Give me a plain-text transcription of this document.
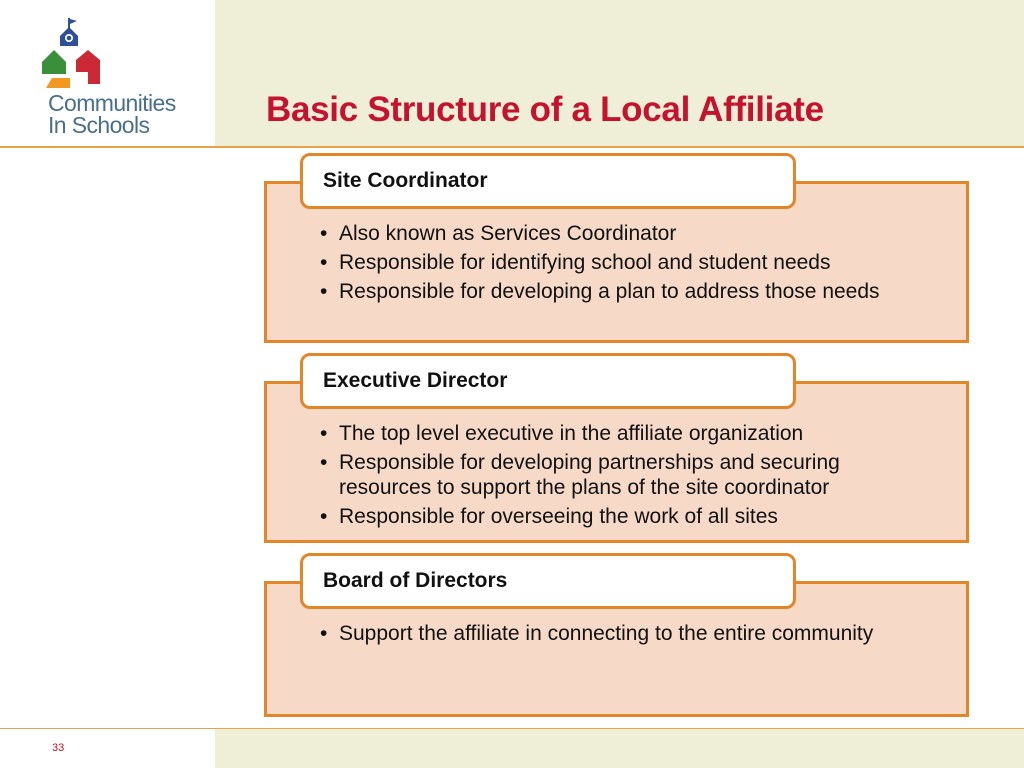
Communities
In Schools	Basic Structure of a Local Affiliate
Site Coordinator
• Also known as Services Coordinator
• Responsible for identifying school and student needs
• Responsible for developing a plan to address those needs
Executive Director
• The top level executive in the affiliate organization
• Responsible for developing partnerships and securing resources to support the plans of the site coordinator
• Responsible for overseeing the work of all sites
Board of Directors
• Support the affiliate in connecting to the entire community
33
